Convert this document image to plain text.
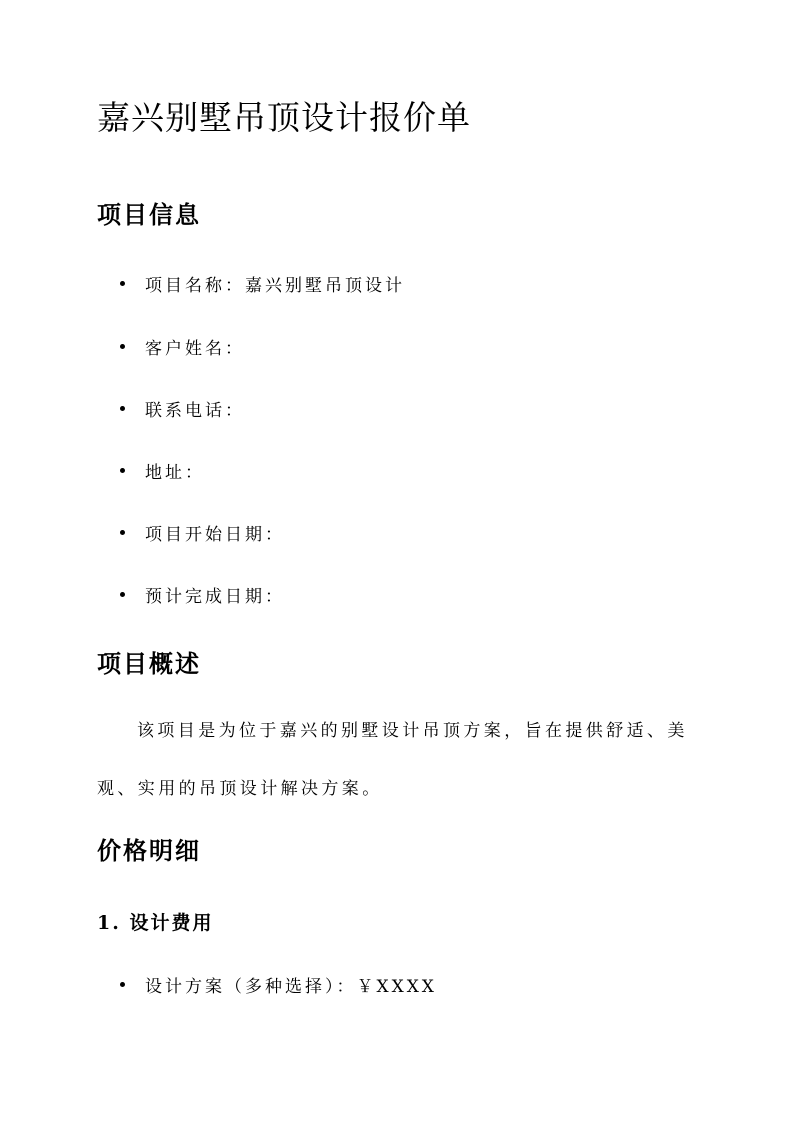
嘉兴别墅吊顶设计报价单
项目信息
项目名称：嘉兴别墅吊顶设计
客户姓名：
联系电话：
地址：
项目开始日期：
预计完成日期：
项目概述
该项目是为位于嘉兴的别墅设计吊顶方案，旨在提供舒适、美观、实用的吊顶设计解决方案。
价格明细
1. 设计费用
设计方案（多种选择）：￥XXXX
